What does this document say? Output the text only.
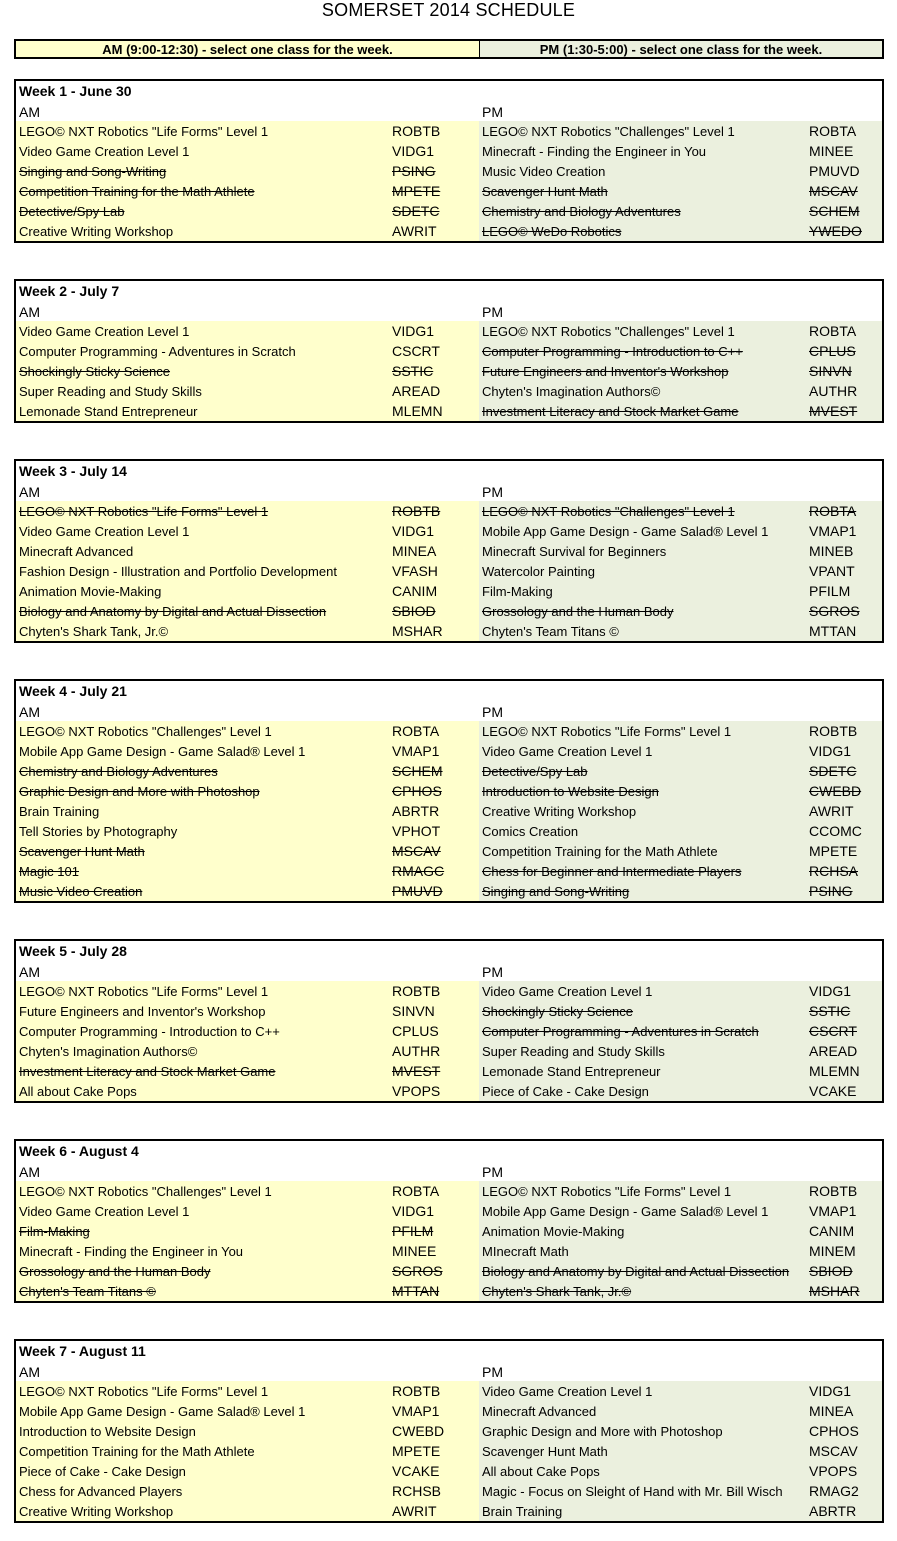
SOMERSET 2014 SCHEDULE
AM (9:00-12:30) - select one class for the week.	PM (1:30-5:00) - select one class for the week.
Week 1 - June 30
AM	PM
LEGO© NXT Robotics "Life Forms" Level 1	ROBTB	LEGO© NXT Robotics "Challenges" Level 1	ROBTA
Video Game Creation Level 1	VIDG1	Minecraft - Finding the Engineer in You	MINEE
Singing and Song-Writing	PSING	Music Video Creation	PMUVD
Competition Training for the Math Athlete	MPETE	Scavenger Hunt Math	MSCAV
Detective/Spy Lab	SDETC	Chemistry and Biology Adventures	SCHEM
Creative Writing Workshop	AWRIT	LEGO© WeDo Robotics	YWEDO
Week 2 - July 7
AM	PM
Video Game Creation Level 1	VIDG1	LEGO© NXT Robotics "Challenges" Level 1	ROBTA
Computer Programming - Adventures in Scratch	CSCRT	Computer Programming - Introduction to C++	CPLUS
Shockingly Sticky Science	SSTIC	Future Engineers and Inventor's Workshop	SINVN
Super Reading and Study Skills	AREAD	Chyten's Imagination Authors©	AUTHR
Lemonade Stand Entrepreneur	MLEMN	Investment Literacy and Stock Market Game	MVEST
Week 3 - July 14
AM	PM
LEGO© NXT Robotics "Life Forms" Level 1	ROBTB	LEGO© NXT Robotics "Challenges" Level 1	ROBTA
Video Game Creation Level 1	VIDG1	Mobile App Game Design - Game Salad® Level 1	VMAP1
Minecraft Advanced	MINEA	Minecraft Survival for Beginners	MINEB
Fashion Design - Illustration and Portfolio Development	VFASH	Watercolor Painting	VPANT
Animation Movie-Making	CANIM	Film-Making	PFILM
Biology and Anatomy by Digital and Actual Dissection	SBIOD	Grossology and the Human Body	SGROS
Chyten's Shark Tank, Jr.©	MSHAR	Chyten's Team Titans ©	MTTAN
Week 4 - July 21
AM	PM
LEGO© NXT Robotics "Challenges" Level 1	ROBTA	LEGO© NXT Robotics "Life Forms" Level 1	ROBTB
Mobile App Game Design - Game Salad® Level 1	VMAP1	Video Game Creation Level 1	VIDG1
Chemistry and Biology Adventures	SCHEM	Detective/Spy Lab	SDETC
Graphic Design and More with Photoshop	CPHOS	Introduction to Website Design	CWEBD
Brain Training	ABRTR	Creative Writing Workshop	AWRIT
Tell Stories by Photography	VPHOT	Comics Creation	CCOMC
Scavenger Hunt Math	MSCAV	Competition Training for the Math Athlete	MPETE
Magic 101	RMAGC	Chess for Beginner and Intermediate Players	RCHSA
Music Video Creation	PMUVD	Singing and Song-Writing	PSING
Week 5 - July 28
AM	PM
LEGO© NXT Robotics "Life Forms" Level 1	ROBTB	Video Game Creation Level 1	VIDG1
Future Engineers and Inventor's Workshop	SINVN	Shockingly Sticky Science	SSTIC
Computer Programming - Introduction to C++	CPLUS	Computer Programming - Adventures in Scratch	CSCRT
Chyten's Imagination Authors©	AUTHR	Super Reading and Study Skills	AREAD
Investment Literacy and Stock Market Game	MVEST	Lemonade Stand Entrepreneur	MLEMN
All about Cake Pops	VPOPS	Piece of Cake - Cake Design	VCAKE
Week 6 - August 4
AM	PM
LEGO© NXT Robotics "Challenges" Level 1	ROBTA	LEGO© NXT Robotics "Life Forms" Level 1	ROBTB
Video Game Creation Level 1	VIDG1	Mobile App Game Design - Game Salad® Level 1	VMAP1
Film-Making	PFILM	Animation Movie-Making	CANIM
Minecraft - Finding the Engineer in You	MINEE	MInecraft Math	MINEM
Grossology and the Human Body	SGROS	Biology and Anatomy by Digital and Actual Dissection SBIOD
Chyten's Team Titans ©	MTTAN	Chyten's Shark Tank, Jr.©	MSHAR
Week 7 - August 11
AM	PM
LEGO© NXT Robotics "Life Forms" Level 1	ROBTB	Video Game Creation Level 1	VIDG1
Mobile App Game Design - Game Salad® Level 1	VMAP1	Minecraft Advanced	MINEA
Introduction to Website Design	CWEBD	Graphic Design and More with Photoshop	CPHOS
Competition Training for the Math Athlete	MPETE	Scavenger Hunt Math	MSCAV
Piece of Cake - Cake Design	VCAKE	All about Cake Pops	VPOPS
Chess for Advanced Players	RCHSB	Magic - Focus on Sleight of Hand with Mr. Bill Wisch RMAG2
Creative Writing Workshop	AWRIT	Brain Training	ABRTR
